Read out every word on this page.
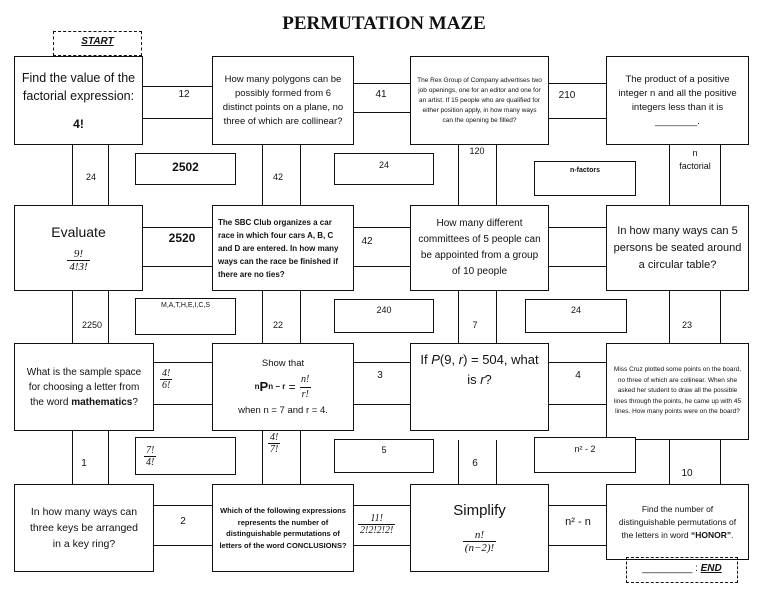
PERMUTATION MAZE
START
Find the value of the
factorial expression:
4!
How many polygons can be possibly formed from 6 distinct points on a plane, no three of which are collinear?
The Rex Group of Company advertises two job openings, one for an editor and one for an artist. If 15 people who are qualified for either position apply, in how many ways can the opening be filled?
The product of a positive integer n and all the positive integers less than it is ________.
Evaluate
$\frac{9!}{4!3!}$
The SBC Club organizes a car race in which four cars A, B, C and D are entered. In how many ways can the race be finished if there are no ties?
How many different committees of 5 people can be appointed from a group of 10 people
In how many ways can 5 persons be seated around a circular table?
What is the sample space
for choosing a letter from
the word mathematics?
Show that
n P $n - r = \frac{n!}{r!}$
when n = 7 and r = 4.
If P(9, r) = 504, what
is r?
Miss Cruz plotted some points on the board, no three of which are collinear. When she asked her student to draw all the possible lines through the points, he came up with 45 lines. How many points were on the board?
In how many ways can three keys be arranged in a key ring?
Which of the following expressions represents the number of distinguishable permutations of letters of the word CONCLUSIONS?
Simplify
$\frac{n!}{(n-2)!}$
Find the number of distinguishable permutations of the letters in word “HONOR”.
_________ : END
2502	24
n-factors
M,A,T,H,E,I,C,S	240	24
$\frac{7!}{4!}$	5	n² - 2
12	41	210
24	42
120	n
factorial
2520	42
2250	22	7	23
$\frac{4!}{6!}$	3	4
1
$\frac{4!}{7!}$
6
10
2	$\frac{11!}{2!2!2!2!}$	n² - n
